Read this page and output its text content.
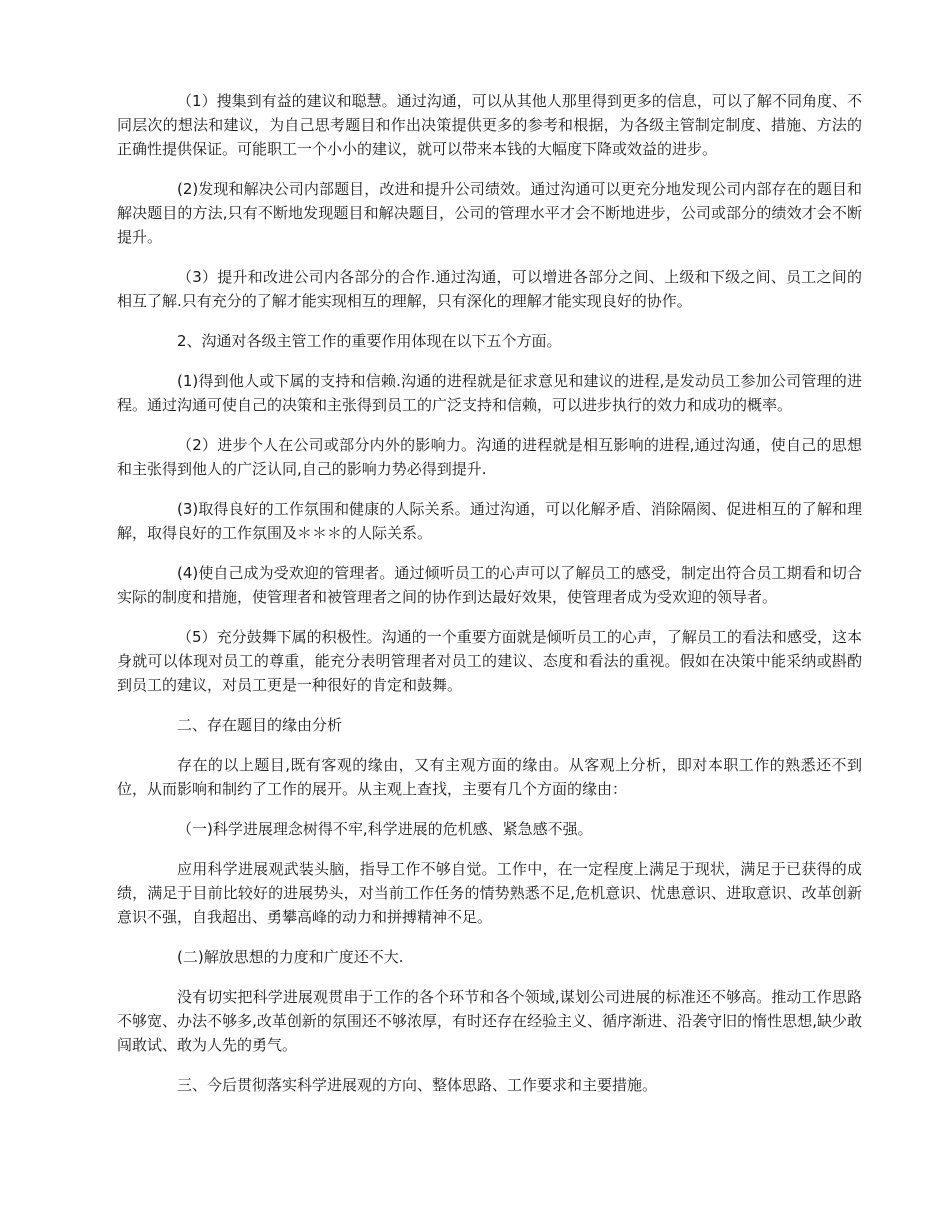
（1）搜集到有益的建议和聪慧。通过沟通，可以从其他人那里得到更多的信息，可以了解不同角度、不同层次的想法和建议，为自己思考题目和作出决策提供更多的参考和根据，为各级主管制定制度、措施、方法的正确性提供保证。可能职工一个小小的建议，就可以带来本钱的大幅度下降或效益的进步。

(2)发现和解决公司内部题目，改进和提升公司绩效。通过沟通可以更充分地发现公司内部存在的题目和解决题目的方法,只有不断地发现题目和解决题目，公司的管理水平才会不断地进步，公司或部分的绩效才会不断提升。

（3）提升和改进公司内各部分的合作.通过沟通，可以增进各部分之间、上级和下级之间、员工之间的相互了解.只有充分的了解才能实现相互的理解，只有深化的理解才能实现良好的协作。

2、沟通对各级主管工作的重要作用体现在以下五个方面。

(1)得到他人或下属的支持和信赖.沟通的进程就是征求意见和建议的进程,是发动员工参加公司管理的进程。通过沟通可使自己的决策和主张得到员工的广泛支持和信赖，可以进步执行的效力和成功的概率。

（2）进步个人在公司或部分内外的影响力。沟通的进程就是相互影响的进程,通过沟通，使自己的思想和主张得到他人的广泛认同,自己的影响力势必得到提升.

(3)取得良好的工作氛围和健康的人际关系。通过沟通，可以化解矛盾、消除隔阂、促进相互的了解和理解，取得良好的工作氛围及＊＊＊的人际关系。

(4)使自己成为受欢迎的管理者。通过倾听员工的心声可以了解员工的感受，制定出符合员工期看和切合实际的制度和措施，使管理者和被管理者之间的协作到达最好效果，使管理者成为受欢迎的领导者。

（5）充分鼓舞下属的积极性。沟通的一个重要方面就是倾听员工的心声，了解员工的看法和感受，这本身就可以体现对员工的尊重，能充分表明管理者对员工的建议、态度和看法的重视。假如在决策中能采纳或斟酌到员工的建议，对员工更是一种很好的肯定和鼓舞。

二、存在题目的缘由分析

存在的以上题目,既有客观的缘由，又有主观方面的缘由。从客观上分析，即对本职工作的熟悉还不到位，从而影响和制约了工作的展开。从主观上查找，主要有几个方面的缘由：

（一)科学进展理念树得不牢,科学进展的危机感、紧急感不强。

应用科学进展观武装头脑，指导工作不够自觉。工作中，在一定程度上满足于现状，满足于已获得的成绩，满足于目前比较好的进展势头，对当前工作任务的情势熟悉不足,危机意识、忧患意识、进取意识、改革创新意识不强，自我超出、勇攀高峰的动力和拼搏精神不足。

(二)解放思想的力度和广度还不大.

没有切实把科学进展观贯串于工作的各个环节和各个领域,谋划公司进展的标准还不够高。推动工作思路不够宽、办法不够多,改革创新的氛围还不够浓厚，有时还存在经验主义、循序渐进、沿袭守旧的惰性思想,缺少敢闯敢试、敢为人先的勇气。

三、今后贯彻落实科学进展观的方向、整体思路、工作要求和主要措施。
